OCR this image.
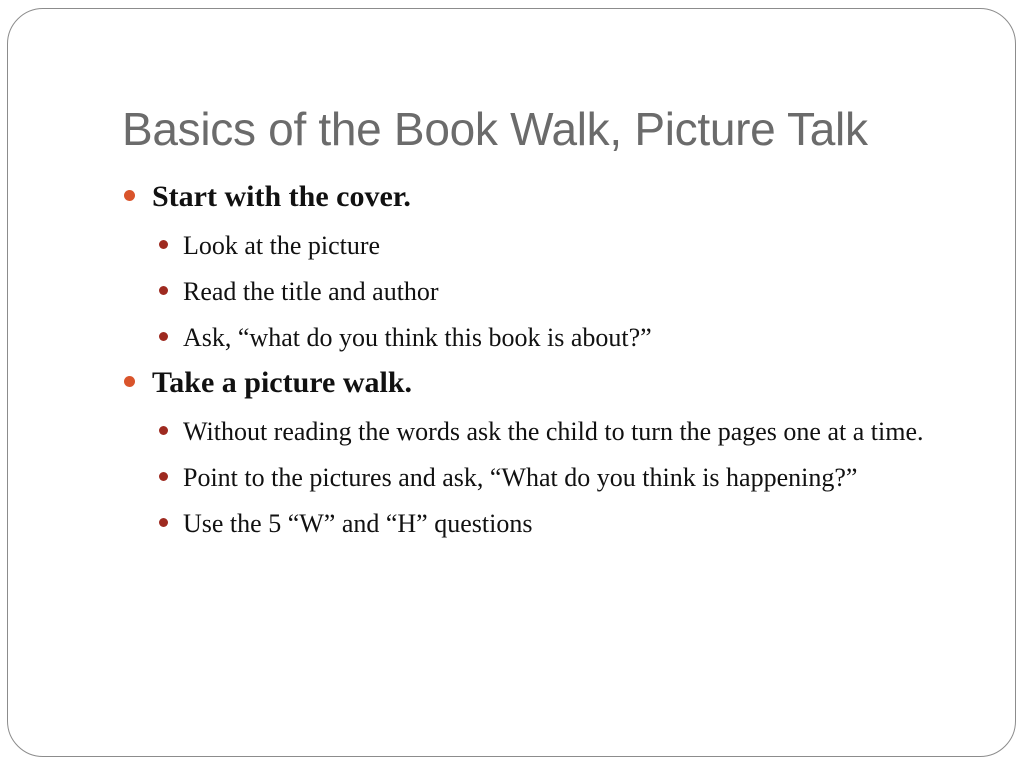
Basics of the Book Walk, Picture Talk
Start with the cover.
Look at the picture
Read the title and author
Ask, “what do you think this book is about?”
Take a picture walk.
Without reading the words ask the child to turn the pages one at a time.
Point to the pictures and ask, “What do you think is happening?”
Use the 5 “W” and “H” questions
